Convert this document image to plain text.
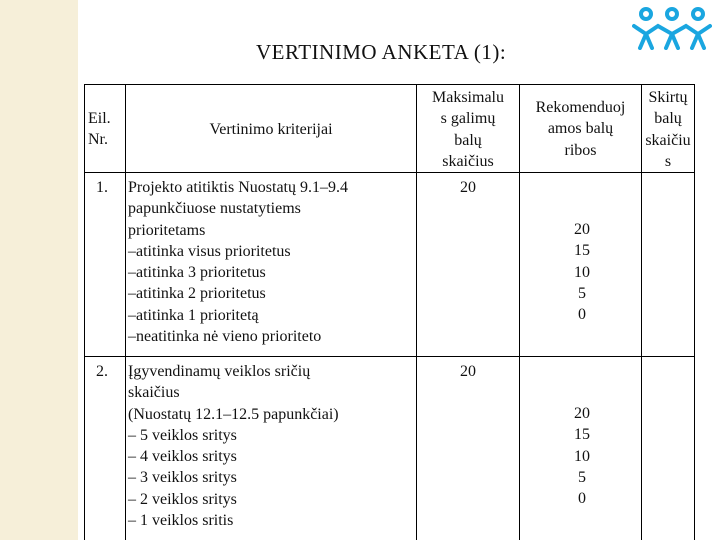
VERTINIMO ANKETA (1):
Eil.
Nr.
Vertinimo kriterijai
Maksimalu
s galimų
balų
skaičius
Rekomenduoj
amos balų
ribos
Skirtų
balų
skaičiu
s
1. Projekto atitiktis Nuostatų 9.1–9.4
papunkčiuose nustatytiems
prioritetams
–atitinka visus prioritetus
–atitinka 3 prioritetus
–atitinka 2 prioritetus
–atitinka 1 prioritetą
–neatitinka nė vieno prioriteto
20
20
15
10
5
0
2. Įgyvendinamų veiklos sričių
skaičius
(Nuostatų 12.1–12.5 papunkčiai)
– 5 veiklos sritys
– 4 veiklos sritys
– 3 veiklos sritys
– 2 veiklos sritys
– 1 veiklos sritis
20
20
15
10
5
0
